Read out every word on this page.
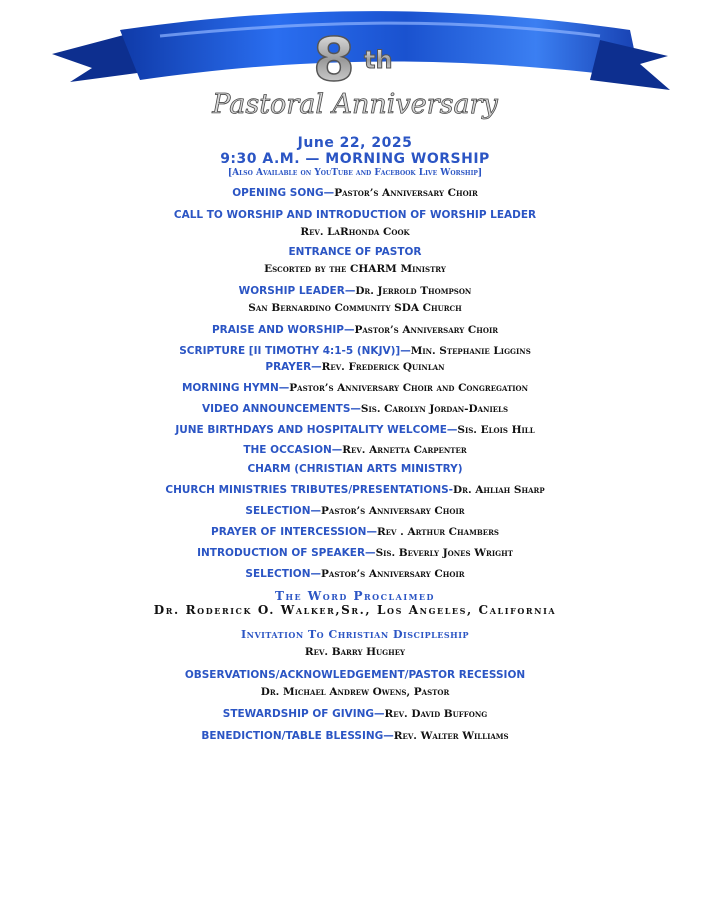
8 th
Pastoral Anniversary
June 22, 2025
9:30 A.M. — MORNING WORSHIP
[Also Available on YouTube and Facebook Live Worship]
OPENING SONG—Pastor’s Anniversary Choir
CALL TO WORSHIP AND INTRODUCTION OF WORSHIP LEADER
Rev. LaRhonda Cook
ENTRANCE OF PASTOR
Escorted by the CHARM Ministry
WORSHIP LEADER—Dr. Jerrold Thompson
San Bernardino Community SDA Church
PRAISE AND WORSHIP—Pastor’s Anniversary Choir
SCRIPTURE [II TIMOTHY 4:1-5 (NKJV)]—Min. Stephanie Liggins
PRAYER—Rev. Frederick Quinlan
MORNING HYMN—Pastor’s Anniversary Choir and Congregation
VIDEO ANNOUNCEMENTS—Sis. Carolyn Jordan-Daniels
JUNE BIRTHDAYS AND HOSPITALITY WELCOME—Sis. Elois Hill
THE OCCASION—Rev. Arnetta Carpenter
CHARM (CHRISTIAN ARTS MINISTRY)
CHURCH MINISTRIES TRIBUTES/PRESENTATIONS-Dr. Ahliah Sharp
SELECTION—Pastor’s Anniversary Choir
PRAYER OF INTERCESSION—Rev . Arthur Chambers
INTRODUCTION OF SPEAKER—Sis. Beverly Jones Wright
SELECTION—Pastor’s Anniversary Choir
The Word Proclaimed
Dr. Roderick O. Walker,Sr., Los Angeles, California
Invitation To Christian Discipleship
Rev. Barry Hughey
OBSERVATIONS/ACKNOWLEDGEMENT/PASTOR RECESSION
Dr. Michael Andrew Owens, Pastor
STEWARDSHIP OF GIVING—Rev. David Buffong
BENEDICTION/TABLE BLESSING—Rev. Walter Williams
